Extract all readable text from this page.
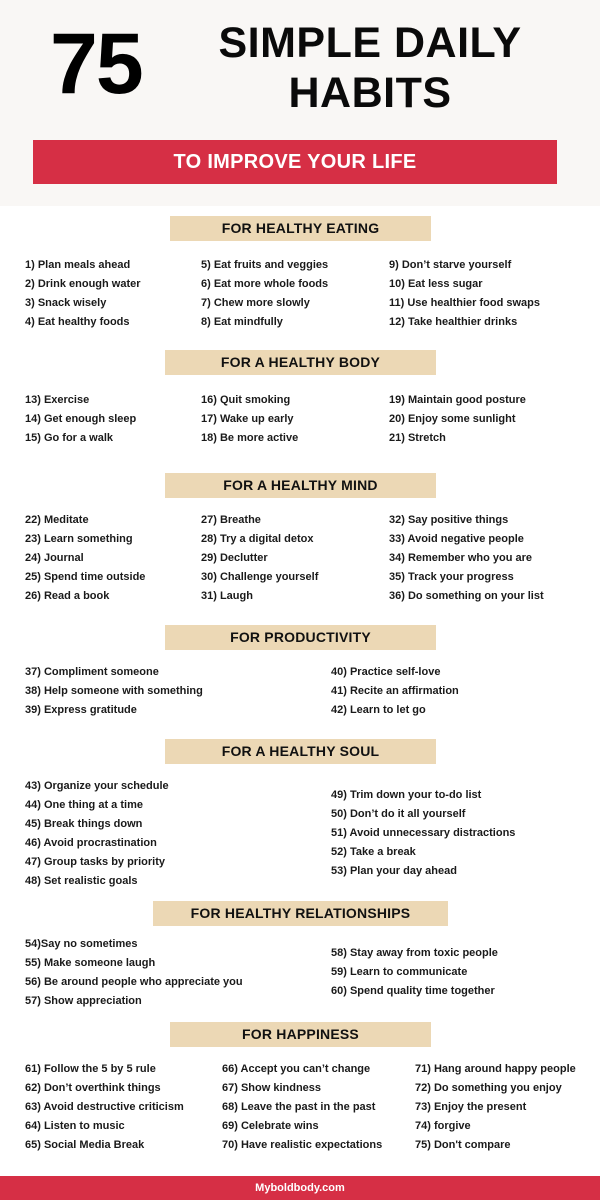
75	SIMPLE DAILY
HABITS
TO IMPROVE YOUR LIFE
FOR HEALTHY EATING
1) Plan meals ahead
2) Drink enough water
3) Snack wisely
4) Eat healthy foods
5) Eat fruits and veggies
6) Eat more whole foods
7) Chew more slowly
8) Eat mindfully
9) Don’t starve yourself
10) Eat less sugar
11) Use healthier food swaps
12) Take healthier drinks
FOR A HEALTHY BODY
13) Exercise
14) Get enough sleep
15) Go for a walk
16) Quit smoking
17) Wake up early
18) Be more active
19) Maintain good posture
20) Enjoy some sunlight
21) Stretch
FOR A HEALTHY MIND
22) Meditate
23) Learn something
24) Journal
25) Spend time outside
26) Read a book
27) Breathe
28) Try a digital detox
29) Declutter
30) Challenge yourself
31) Laugh
32) Say positive things
33) Avoid negative people
34) Remember who you are
35) Track your progress
36) Do something on your list
FOR PRODUCTIVITY
37) Compliment someone
38) Help someone with something
39) Express gratitude
40) Practice self-love
41) Recite an affirmation
42) Learn to let go
FOR A HEALTHY SOUL
43) Organize your schedule
44) One thing at a time
45) Break things down
46) Avoid procrastination
47) Group tasks by priority
48) Set realistic goals
49) Trim down your to-do list
50) Don’t do it all yourself
51) Avoid unnecessary distractions
52) Take a break
53) Plan your day ahead
FOR HEALTHY RELATIONSHIPS
54)Say no sometimes
55) Make someone laugh
56) Be around people who appreciate you
57) Show appreciation
58) Stay away from toxic people
59) Learn to communicate
60) Spend quality time together
FOR HAPPINESS
61) Follow the 5 by 5 rule
62) Don’t overthink things
63) Avoid destructive criticism
64) Listen to music
65) Social Media Break
66) Accept you can’t change
67) Show kindness
68) Leave the past in the past
69) Celebrate wins
70) Have realistic expectations
71) Hang around happy people
72) Do something you enjoy
73) Enjoy the present
74) forgive
75) Don't compare
Myboldbody.com
